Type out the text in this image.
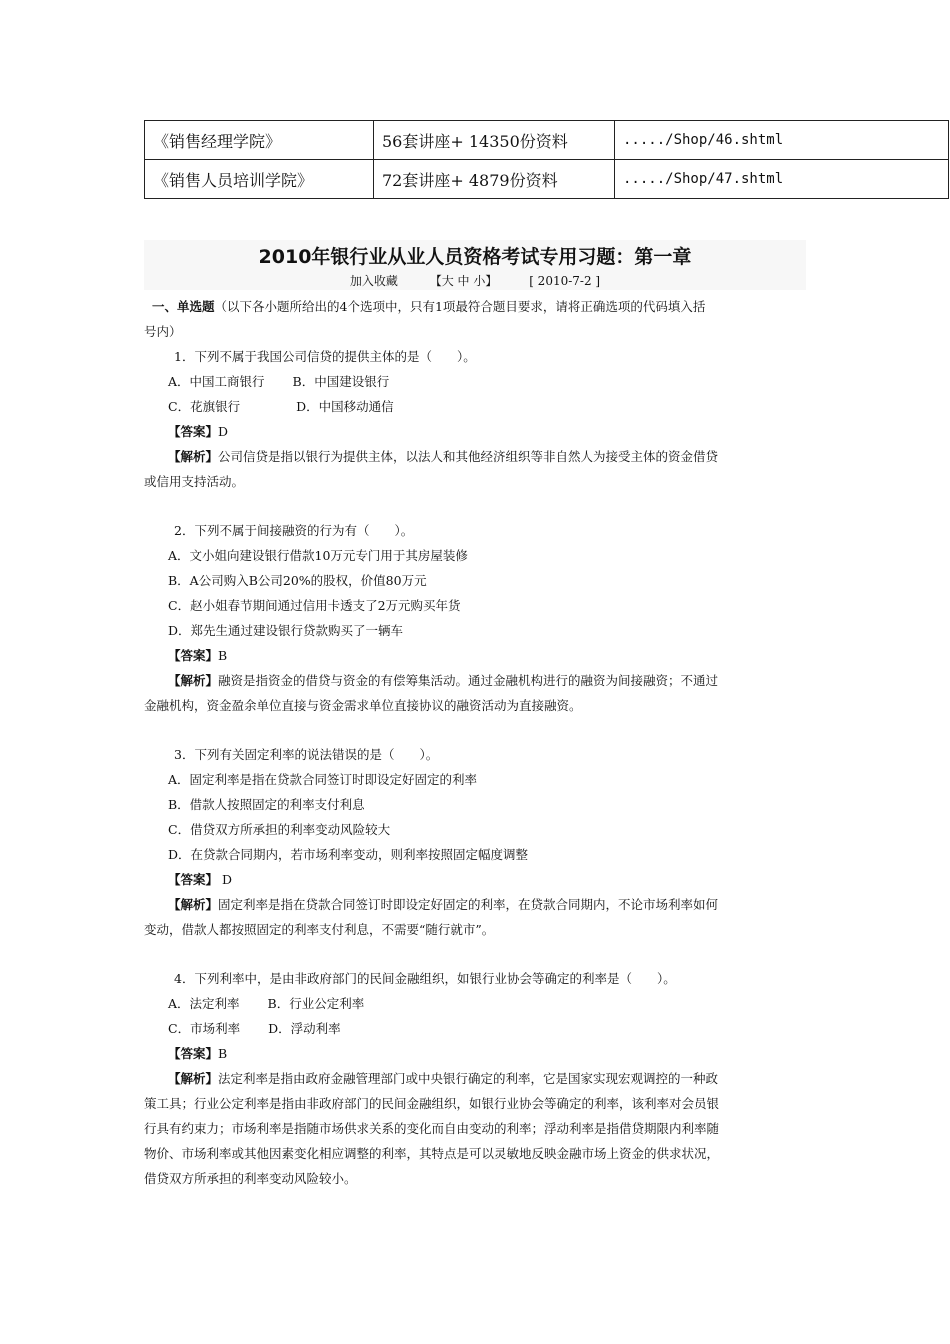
《销售经理学院》	56套讲座+ 14350份资料	...../Shop/46.shtml
《销售人员培训学院》	72套讲座+ 4879份资料	...../Shop/47.shtml
2010年银行业从业人员资格考试专用习题：第一章
加入收藏	【大 中 小】	[ 2010-7-2 ]

一、单选题（以下各小题所给出的4个选项中，只有1项最符合题目要求，请将正确选项的代码填入括

号内）

1．下列不属于我国公司信贷的提供主体的是（　　）。

A．中国工商银行 B．中国建设银行

C．花旗银行	D．中国移动通信

【答案】D

【解析】公司信贷是指以银行为提供主体，以法人和其他经济组织等非自然人为接受主体的资金借贷

或信用支持活动。

2．下列不属于间接融资的行为有（　　）。

A．文小姐向建设银行借款10万元专门用于其房屋装修

B．A公司购入B公司20%的股权，价值80万元

C．赵小姐春节期间通过信用卡透支了2万元购买年货

D．郑先生通过建设银行贷款购买了一辆车

【答案】B

【解析】融资是指资金的借贷与资金的有偿筹集活动。通过金融机构进行的融资为间接融资；不通过

金融机构，资金盈余单位直接与资金需求单位直接协议的融资活动为直接融资。

3．下列有关固定利率的说法错误的是（　　）。

A．固定利率是指在贷款合同签订时即设定好固定的利率

B．借款人按照固定的利率支付利息

C．借贷双方所承担的利率变动风险较大

D．在贷款合同期内，若市场利率变动，则利率按照固定幅度调整

【答案】 D

【解析】固定利率是指在贷款合同签订时即设定好固定的利率，在贷款合同期内，不论市场利率如何

变动，借款人都按照固定的利率支付利息，不需要“随行就市”。

4．下列利率中，是由非政府部门的民间金融组织，如银行业协会等确定的利率是（　　）。

A．法定利率 B．行业公定利率

C．市场利率 D．浮动利率

【答案】B

【解析】法定利率是指由政府金融管理部门或中央银行确定的利率，它是国家实现宏观调控的一种政

策工具；行业公定利率是指由非政府部门的民间金融组织，如银行业协会等确定的利率，该利率对会员银

行具有约束力；市场利率是指随市场供求关系的变化而自由变动的利率；浮动利率是指借贷期限内利率随

物价、市场利率或其他因素变化相应调整的利率，其特点是可以灵敏地反映金融市场上资金的供求状况，

借贷双方所承担的利率变动风险较小。
